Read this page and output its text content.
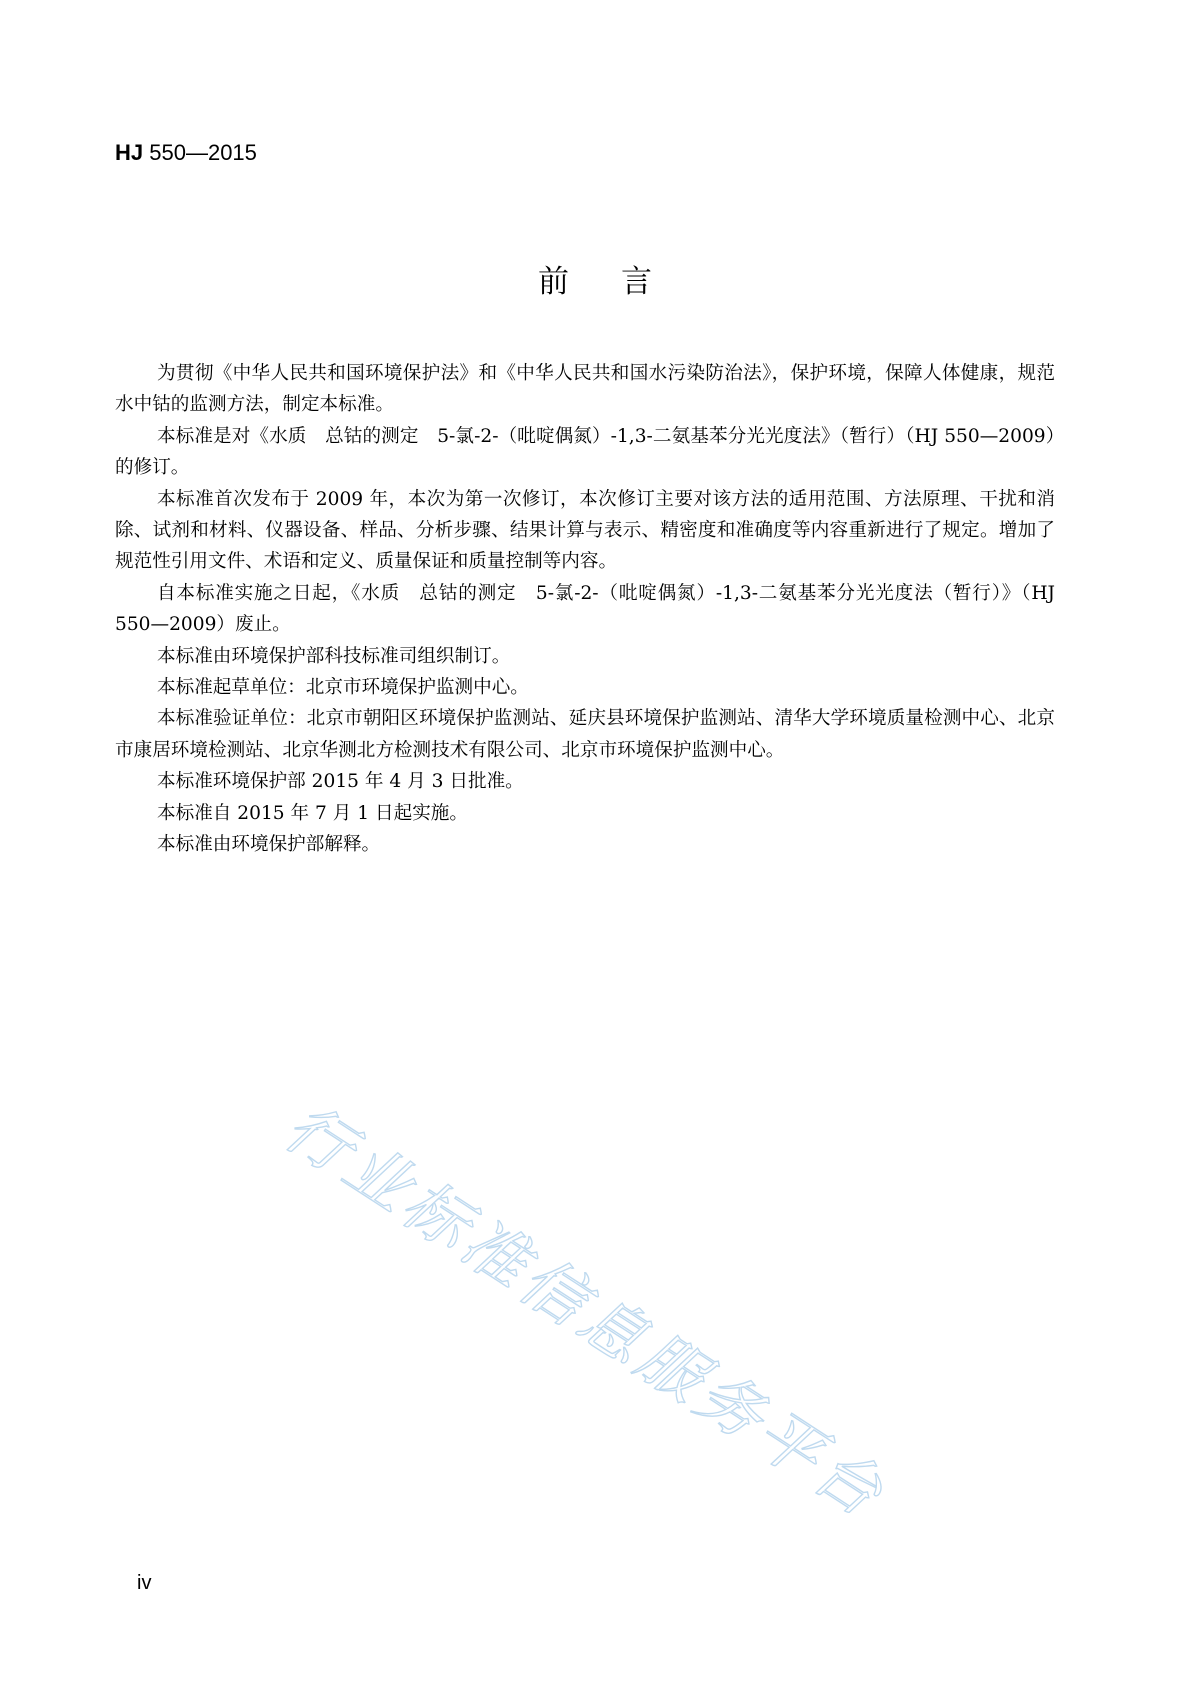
HJ 550—2015
前言

为贯彻《中华人民共和国环境保护法》和《中华人民共和国水污染防治法》，保护环境，保障人体健康，规范水中钴的监测方法，制定本标准。

本标准是对《水质　总钴的测定　5-氯-2-（吡啶偶氮）-1,3-二氨基苯分光光度法》（暂行）（HJ 550—2009）的修订。

本标准首次发布于 2009 年，本次为第一次修订，本次修订主要对该方法的适用范围、方法原理、干扰和消除、试剂和材料、仪器设备、样品、分析步骤、结果计算与表示、精密度和准确度等内容重新进行了规定。增加了规范性引用文件、术语和定义、质量保证和质量控制等内容。

自本标准实施之日起，《水质　总钴的测定　5-氯-2-（吡啶偶氮）-1,3-二氨基苯分光光度法（暂行）》（HJ 550—2009）废止。

本标准由环境保护部科技标准司组织制订。

本标准起草单位：北京市环境保护监测中心。

本标准验证单位：北京市朝阳区环境保护监测站、延庆县环境保护监测站、清华大学环境质量检测中心、北京市康居环境检测站、北京华测北方检测技术有限公司、北京市环境保护监测中心。

本标准环境保护部 2015 年 4 月 3 日批准。

本标准自 2015 年 7 月 1 日起实施。

本标准由环境保护部解释。

行业标准信息服务平台
iv
